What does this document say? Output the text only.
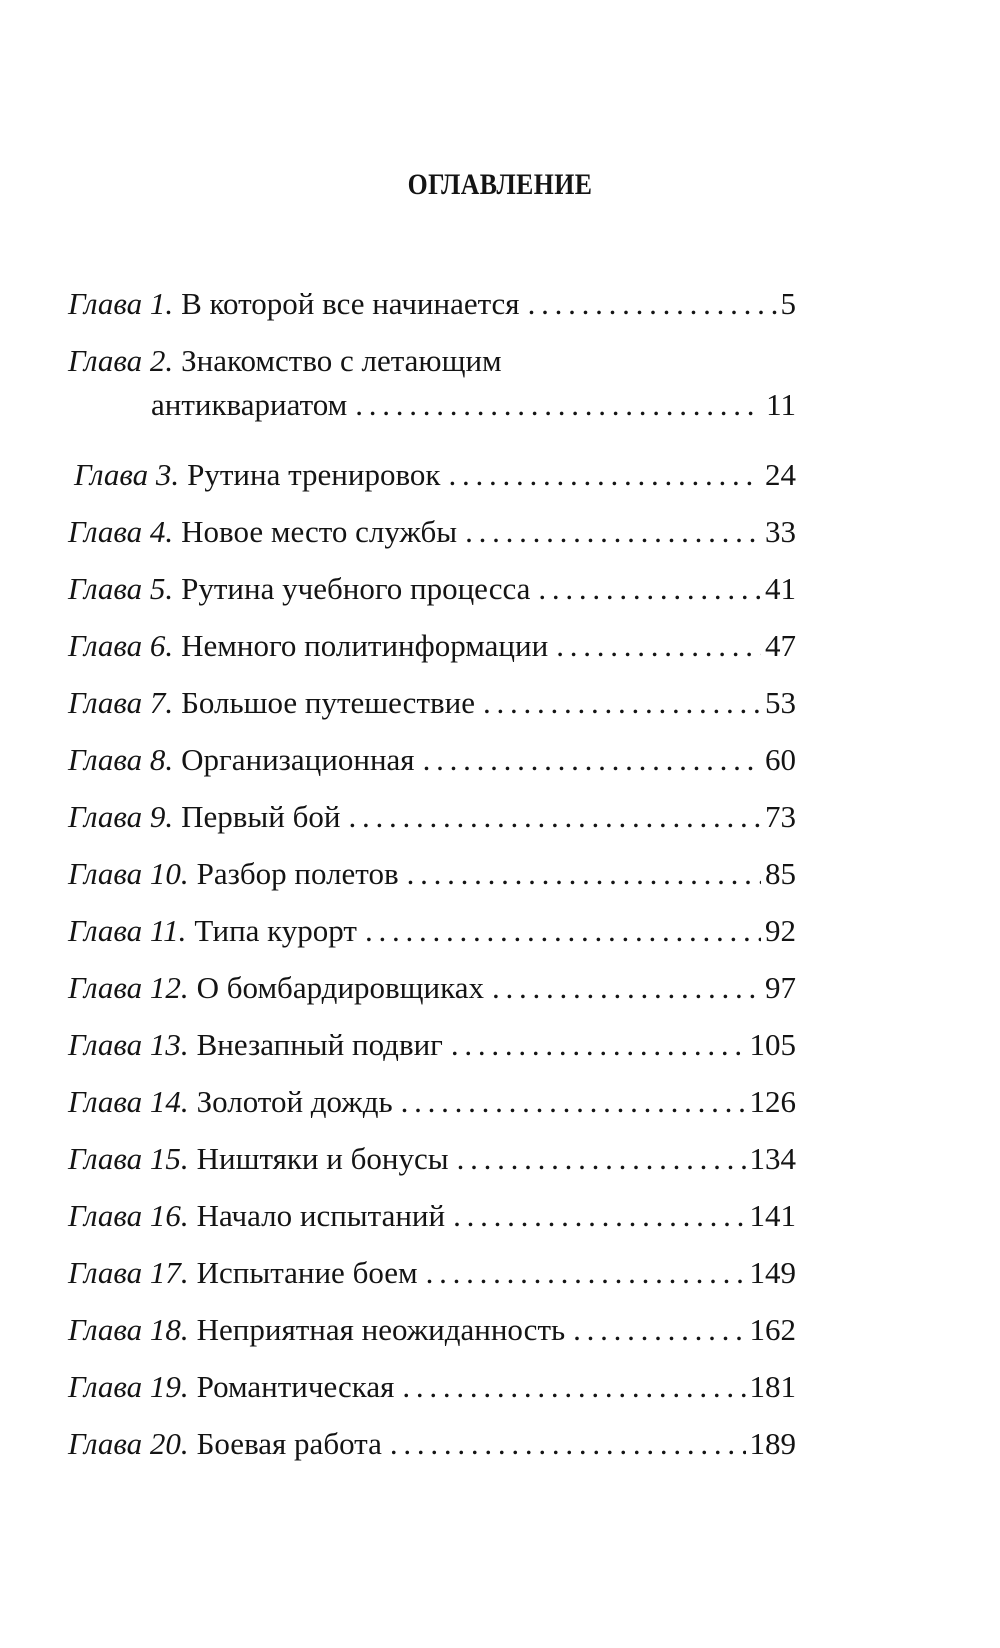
ОГЛАВЛЕНИЕ
Глава 1. В которой все начинается . . .	5
Глава 2. Знакомство с летающим
антиквариатом . . .	11
Глава 3. Рутина тренировок . . .	24
Глава 4. Новое место службы . . .	33
Глава 5. Рутина учебного процесса . . .	41
Глава 6. Немного политинформации . . .	47
Глава 7. Большое путешествие . . .	53
Глава 8. Организационная . . .	60
Глава 9. Первый бой . . .	73
Глава 10. Разбор полетов . . .	85
Глава 11. Типа курорт . . .	92
Глава 12. О бомбардировщиках . . .	97
Глава 13. Внезапный подвиг . . .	105
Глава 14. Золотой дождь . . .	126
Глава 15. Ништяки и бонусы . . .	134
Глава 16. Начало испытаний . . .	141
Глава 17. Испытание боем . . .	149
Глава 18. Неприятная неожиданность . . .	162
Глава 19. Романтическая . . .	181
Глава 20. Боевая работа . . .	189
